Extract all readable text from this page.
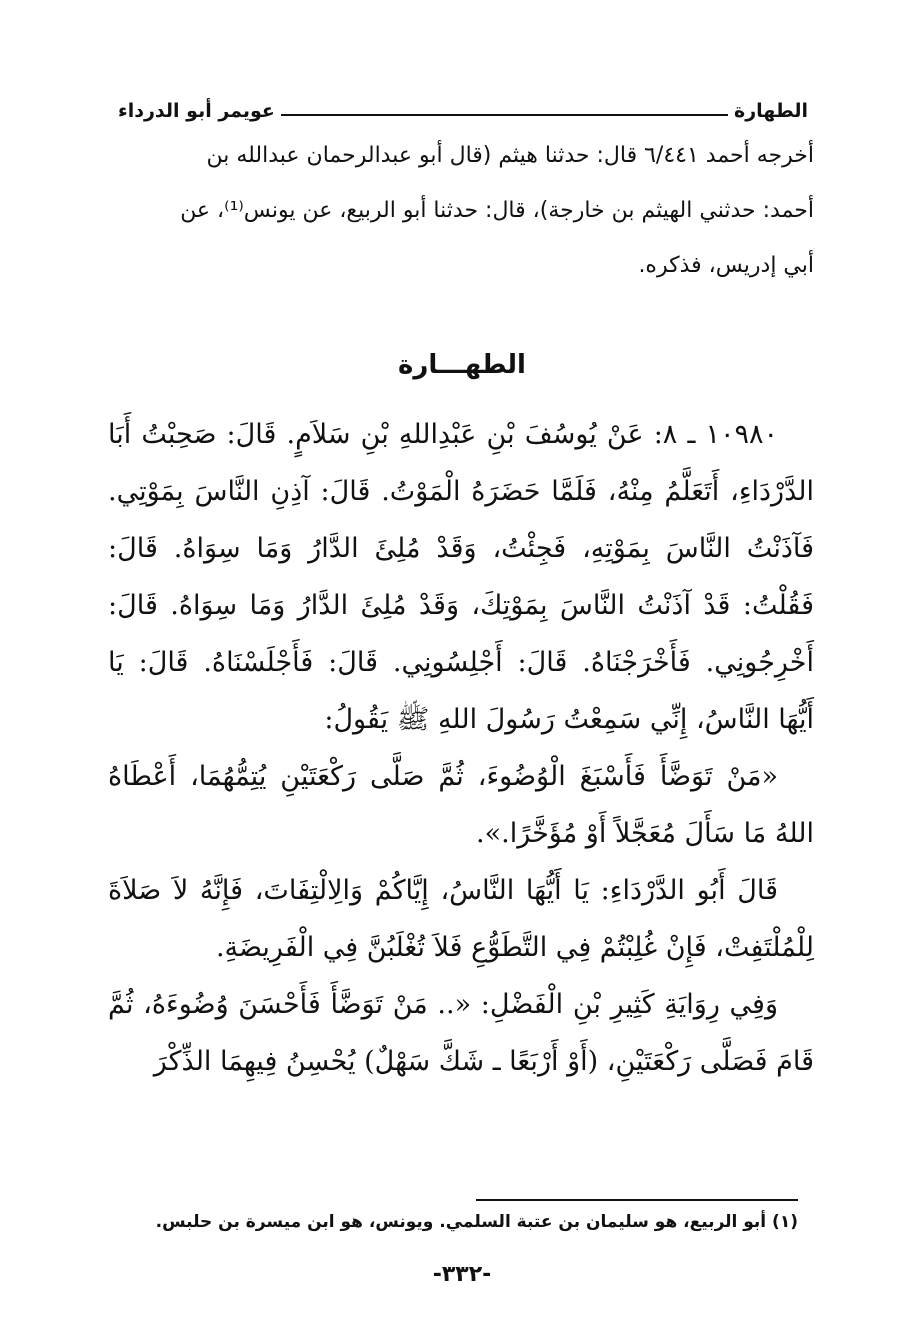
الطهارة
عويمر أبو الدرداء
أخرجه أحمد ٦/٤٤١ قال: حدثنا هيثم (قال أبو عبدالرحمان عبدالله بن
أحمد: حدثني الهيثم بن خارجة)، قال: حدثنا أبو الربيع، عن يونس⁽¹⁾، عن
أبي إدريس، فذكره.
الطهـــارة

١٠٩٨٠ ـ ٨: عَنْ يُوسُفَ بْنِ عَبْدِاللهِ بْنِ سَلاَمٍ. قَالَ: صَحِبْتُ أَبَا الدَّرْدَاءِ، أَتَعَلَّمُ مِنْهُ، فَلَمَّا حَضَرَهُ الْمَوْتُ. قَالَ: آذِنِ النَّاسَ بِمَوْتِي. فَآذَنْتُ النَّاسَ بِمَوْتِهِ، فَجِئْتُ، وَقَدْ مُلِئَ الدَّارُ وَمَا سِوَاهُ. قَالَ: فَقُلْتُ: قَدْ آذَنْتُ النَّاسَ بِمَوْتِكَ، وَقَدْ مُلِئَ الدَّارُ وَمَا سِوَاهُ. قَالَ: أَخْرِجُونِي. فَأَخْرَجْنَاهُ. قَالَ: أَجْلِسُونِي. قَالَ: فَأَجْلَسْنَاهُ. قَالَ: يَا أَيُّهَا النَّاسُ، إِنِّي سَمِعْتُ رَسُولَ اللهِ ﷺ يَقُولُ:

«مَنْ تَوَضَّأَ فَأَسْبَغَ الْوُضُوءَ، ثُمَّ صَلَّى رَكْعَتَيْنِ يُتِمُّهُمَا، أَعْطَاهُ اللهُ مَا سَأَلَ مُعَجَّلاً أَوْ مُؤَخَّرًا.».

قَالَ أَبُو الدَّرْدَاءِ: يَا أَيُّهَا النَّاسُ، إِيَّاكُمْ وَالِالْتِفَاتَ، فَإِنَّهُ لاَ صَلاَةَ لِلْمُلْتَفِتْ، فَإِنْ غُلِبْتُمْ فِي التَّطَوُّعِ فَلاَ تُغْلَبُنَّ فِي الْفَرِيضَةِ.

وَفِي رِوَايَةِ كَثِيرِ بْنِ الْفَضْلِ: «.. مَنْ تَوَضَّأَ فَأَحْسَنَ وُضُوءَهُ، ثُمَّ قَامَ فَصَلَّى رَكْعَتَيْنِ، (أَوْ أَرْبَعًا ـ شَكَّ سَهْلٌ) يُحْسِنُ فِيهِمَا الذِّكْرَ

(١) أبو الربيع، هو سليمان بن عتبة السلمي. ويونس، هو ابن ميسرة بن حلبس.
-٣٣٢-
